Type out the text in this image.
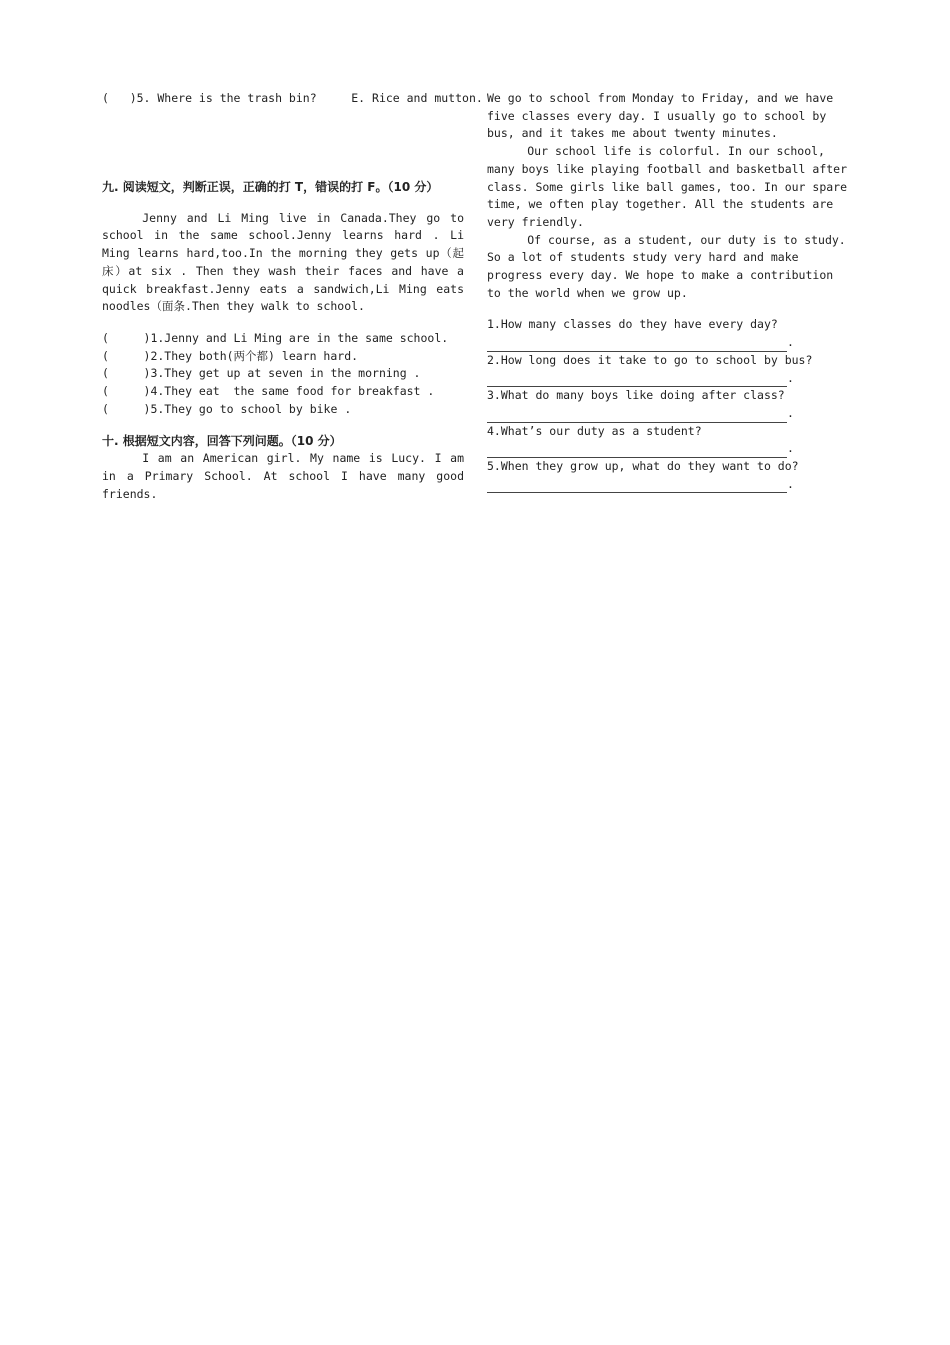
(   )5. Where is the trash bin?     E. Rice and mutton.
九. 阅读短文，判断正误，正确的打 T，错误的打 F。（10 分）
Jenny and Li Ming live in Canada.They go to school in the same school.Jenny learns hard . Li Ming learns hard,too.In the morning they gets up（起床）at six . Then they wash their faces and have a quick breakfast.Jenny eats a sandwich,Li Ming eats noodles（面条.Then they walk to school.
(     )1.Jenny and Li Ming are in the same school.
(     )2.They both(两个都) learn hard.
(     )3.They get up at seven in the morning .
(     )4.They eat  the same food for breakfast .
(     )5.They go to school by bike .
十. 根据短文内容，回答下列问题。（10 分）
I am an American girl. My name is Lucy. I am in a Primary School. At school I have many good friends.
We go to school from Monday to Friday, and we have five classes every day. I usually go to school by bus, and it takes me about twenty minutes.
Our school life is colorful. In our school, many boys like playing football and basketball after class. Some girls like ball games, too. In our spare time, we often play together. All the students are very friendly.
Of course, as a student, our duty is to study. So a lot of students study very hard and make progress every day. We hope to make a contribution to the world when we grow up.
1.How many classes do they have every day?
.
2.How long does it take to go to school by bus?
.
3.What do many boys like doing after class?
.
4.What’s our duty as a student?
.
5.When they grow up, what do they want to do?
.
